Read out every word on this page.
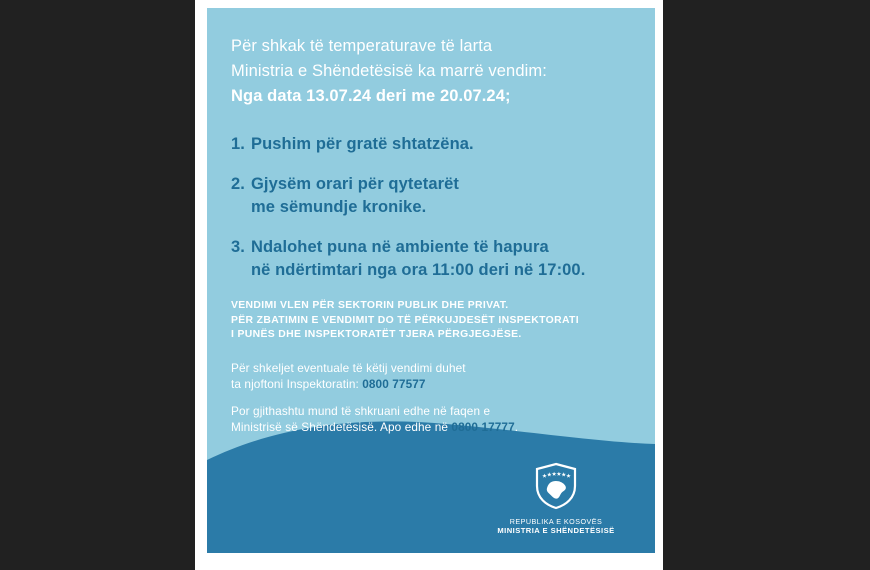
REPUBLIKA E KOSOVËS
MINISTRIA E SHËNDETËSISË
Për shkak të temperaturave të larta
Ministria e Shëndetësisë ka marrë vendim:
Nga data 13.07.24 deri me 20.07.24;
1. Pushim për gratë shtatzëna.
2. Gjysëm orari për qytetarët
me sëmundje kronike.
3. Ndalohet puna në ambiente të hapura
në ndërtimtari nga ora 11:00 deri në 17:00.
VENDIMI VLEN PËR SEKTORIN PUBLIK DHE PRIVAT.
PËR ZBATIMIN E VENDIMIT DO TË PËRKUJDESËT INSPEKTORATI
I PUNËS DHE INSPEKTORATËT TJERA PËRGJEGJËSE.
Për shkeljet eventuale të këtij vendimi duhet
ta njoftoni Inspektoratin: 0800 77577
Por gjithashtu mund të shkruani edhe në faqen e
Ministrisë së Shëndetësisë. Apo edhe në 0800 17777.
